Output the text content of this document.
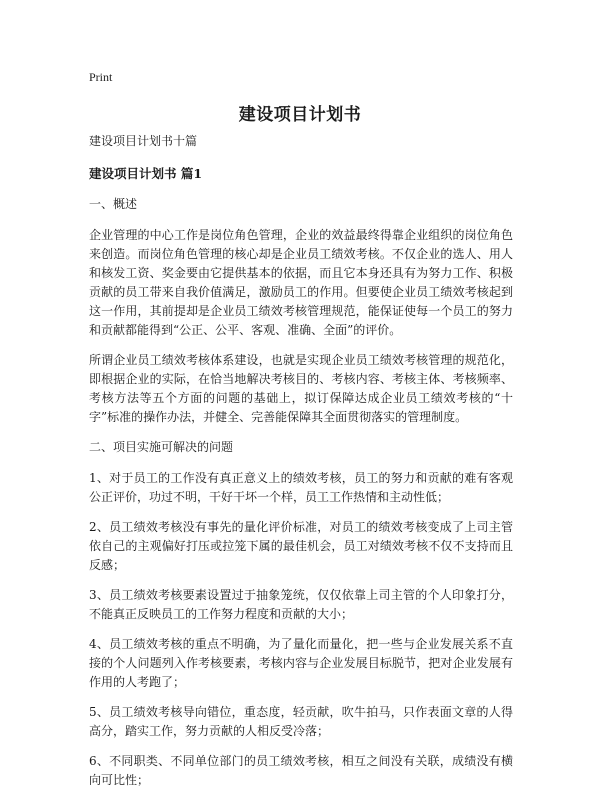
Print
建设项目计划书

建设项目计划书十篇

建设项目计划书 篇1

一、概述

企业管理的中心工作是岗位角色管理，企业的效益最终得靠企业组织的岗位角色来创造。而岗位角色管理的核心却是企业员工绩效考核。不仅企业的选人、用人和核发工资、奖金要由它提供基本的依据，而且它本身还具有为努力工作、积极贡献的员工带来自我价值满足，激励员工的作用。但要使企业员工绩效考核起到这一作用，其前提却是企业员工绩效考核管理规范，能保证使每一个员工的努力和贡献都能得到“公正、公平、客观、准确、全面”的评价。

所谓企业员工绩效考核体系建设，也就是实现企业员工绩效考核管理的规范化，即根据企业的实际，在恰当地解决考核目的、考核内容、考核主体、考核频率、考核方法等五个方面的问题的基础上，拟订保障达成企业员工绩效考核的“十字”标准的操作办法，并健全、完善能保障其全面贯彻落实的管理制度。

二、项目实施可解决的问题

1、对于员工的工作没有真正意义上的绩效考核，员工的努力和贡献的难有客观公正评价，功过不明，干好干坏一个样，员工工作热情和主动性低；

2、员工绩效考核没有事先的量化评价标准，对员工的绩效考核变成了上司主管依自己的主观偏好打压或拉笼下属的最佳机会，员工对绩效考核不仅不支持而且反感；

3、员工绩效考核要素设置过于抽象笼统，仅仅依靠上司主管的个人印象打分，不能真正反映员工的工作努力程度和贡献的大小；

4、员工绩效考核的重点不明确，为了量化而量化，把一些与企业发展关系不直接的个人问题列入作考核要素，考核内容与企业发展目标脱节，把对企业发展有作用的人考跑了；

5、员工绩效考核导向错位，重态度，轻贡献，吹牛拍马，只作表面文章的人得高分，踏实工作，努力贡献的人相反受冷落；

6、不同职类、不同单位部门的员工绩效考核，相互之间没有关联，成绩没有横向可比性；
